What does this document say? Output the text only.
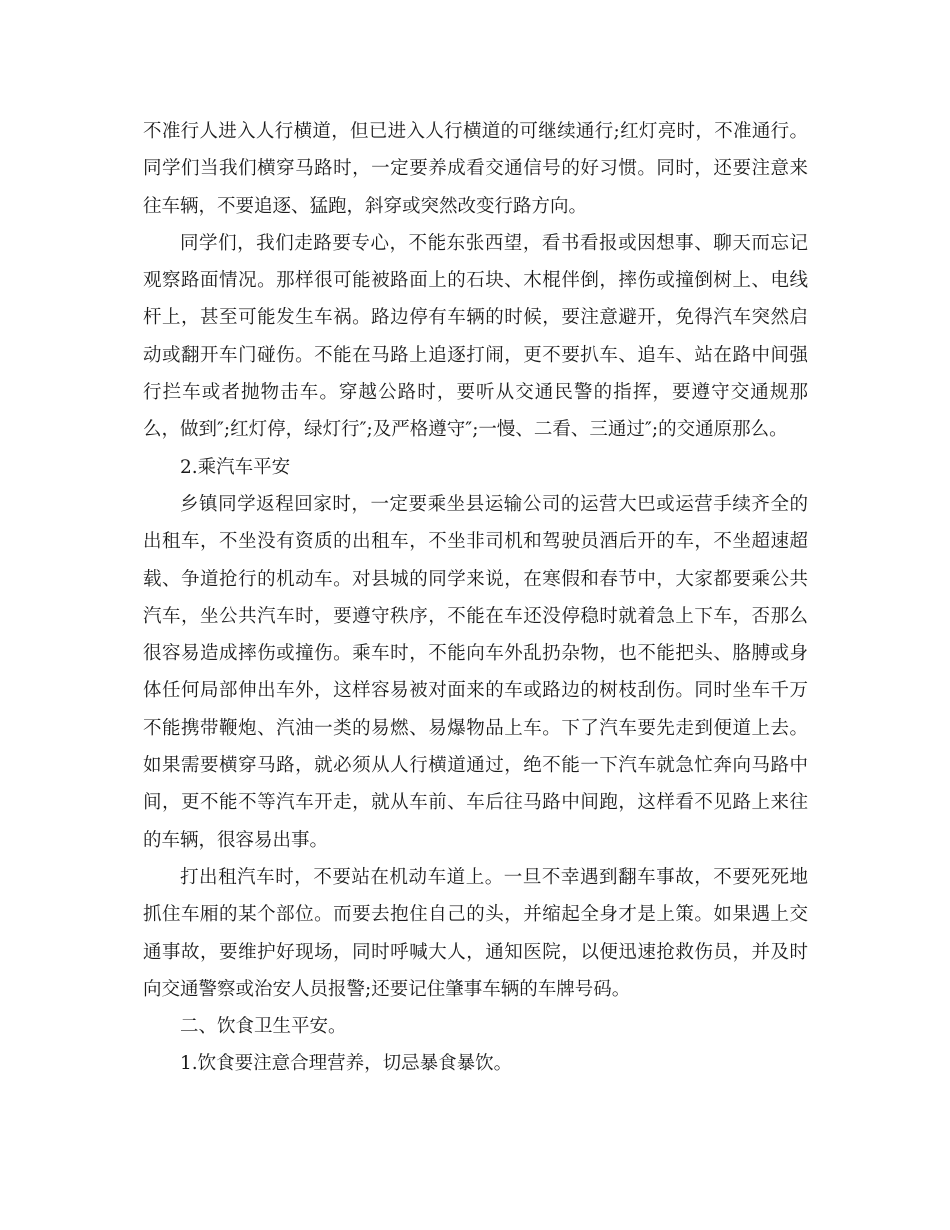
不准行人进入人行横道，但已进入人行横道的可继续通行;红灯亮时，不准通行。同学们当我们横穿马路时，一定要养成看交通信号的好习惯。同时，还要注意来往车辆，不要追逐、猛跑，斜穿或突然改变行路方向。

同学们，我们走路要专心，不能东张西望，看书看报或因想事、聊天而忘记观察路面情况。那样很可能被路面上的石块、木棍伴倒，摔伤或撞倒树上、电线杆上，甚至可能发生车祸。路边停有车辆的时候，要注意避开，免得汽车突然启动或翻开车门碰伤。不能在马路上追逐打闹，更不要扒车、追车、站在路中间强行拦车或者抛物击车。穿越公路时，要听从交通民警的指挥，要遵守交通规那么，做到″;红灯停，绿灯行″;及严格遵守″;一慢、二看、三通过″;的交通原那么。

2.乘汽车平安

乡镇同学返程回家时，一定要乘坐县运输公司的运营大巴或运营手续齐全的出租车，不坐没有资质的出租车，不坐非司机和驾驶员酒后开的车，不坐超速超载、争道抢行的机动车。对县城的同学来说，在寒假和春节中，大家都要乘公共汽车，坐公共汽车时，要遵守秩序，不能在车还没停稳时就着急上下车，否那么很容易造成摔伤或撞伤。乘车时，不能向车外乱扔杂物，也不能把头、胳膊或身体任何局部伸出车外，这样容易被对面来的车或路边的树枝刮伤。同时坐车千万不能携带鞭炮、汽油一类的易燃、易爆物品上车。下了汽车要先走到便道上去。如果需要横穿马路，就必须从人行横道通过，绝不能一下汽车就急忙奔向马路中间，更不能不等汽车开走，就从车前、车后往马路中间跑，这样看不见路上来往的车辆，很容易出事。

打出租汽车时，不要站在机动车道上。一旦不幸遇到翻车事故，不要死死地抓住车厢的某个部位。而要去抱住自己的头，并缩起全身才是上策。如果遇上交通事故，要维护好现场，同时呼喊大人，通知医院，以便迅速抢救伤员，并及时向交通警察或治安人员报警;还要记住肇事车辆的车牌号码。

二、饮食卫生平安。

1.饮食要注意合理营养，切忌暴食暴饮。
